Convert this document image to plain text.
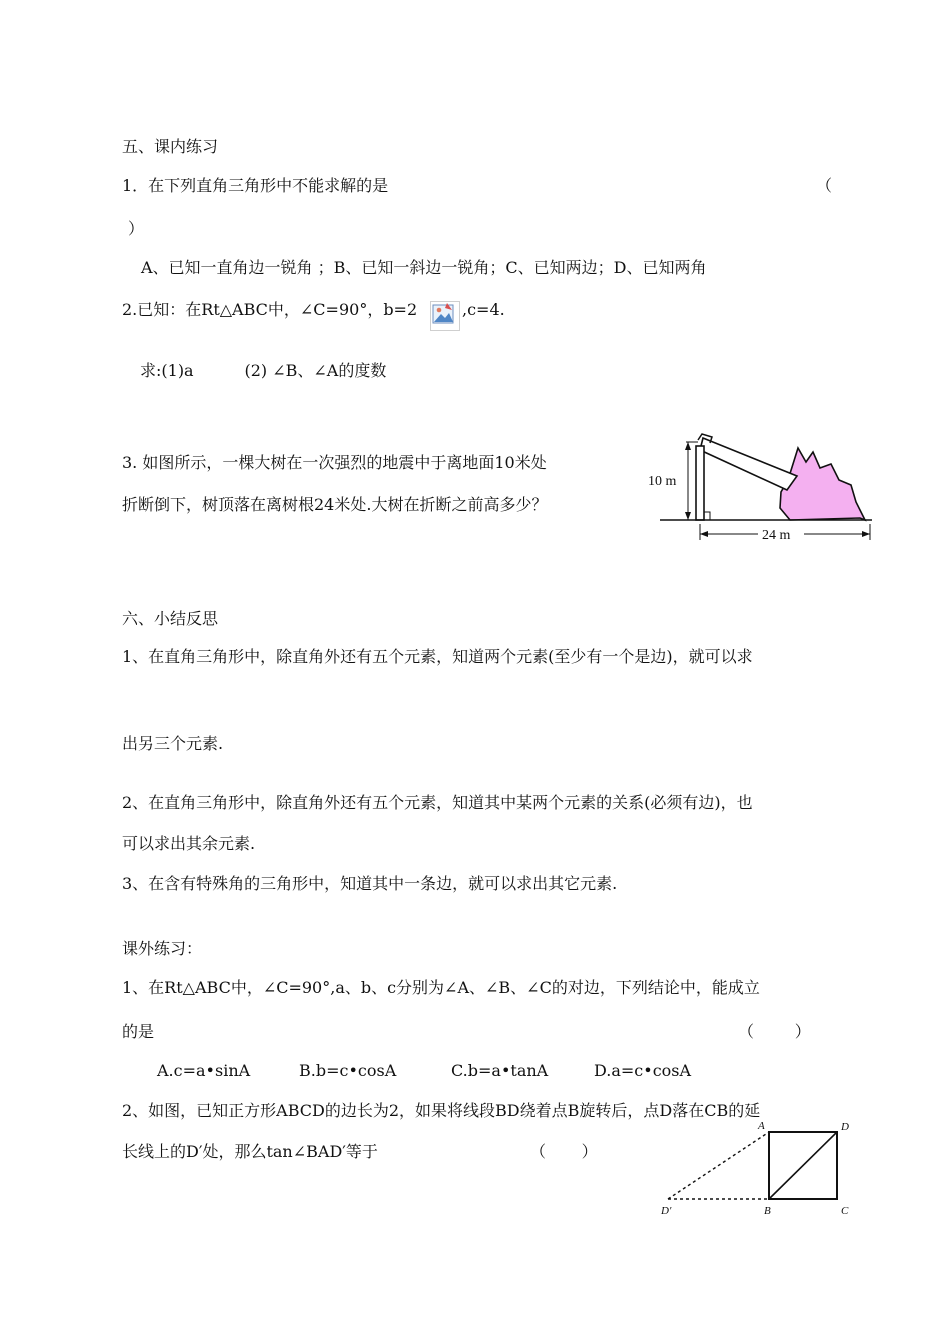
五、课内练习
1．在下列直角三角形中不能求解的是	（
）
A、已知一直角边一锐角 ；B、已知一斜边一锐角；C、已知两边；D、已知两角
2.已知：在Rt△ABC中，∠C=90°，b=2	,c=4.
求:(1)a          (2) ∠B、∠A的度数
3. 如图所示，一棵大树在一次强烈的地震中于离地面10米处
折断倒下，树顶落在离树根24米处.大树在折断之前高多少？
10 m
24 m
六、小结反思
1、在直角三角形中，除直角外还有五个元素，知道两个元素(至少有一个是边)，就可以求
出另三个元素.
2、在直角三角形中，除直角外还有五个元素，知道其中某两个元素的关系(必须有边)，也
可以求出其余元素.
3、在含有特殊角的三角形中，知道其中一条边，就可以求出其它元素.
课外练习：
1、在Rt△ABC中，∠C=90°,a、b、c分别为∠A、∠B、∠C的对边，下列结论中，能成立
的是	（        ）
A.c=a•sinA	B.b=c•cosA	C.b=a•tanA	D.a=c•cosA
2、如图，已知正方形ABCD的边长为2，如果将线段BD绕着点B旋转后，点D落在CB的延
长线上的D′处，那么tan∠BAD′等于	（       ）
A	D
D′	B	C
